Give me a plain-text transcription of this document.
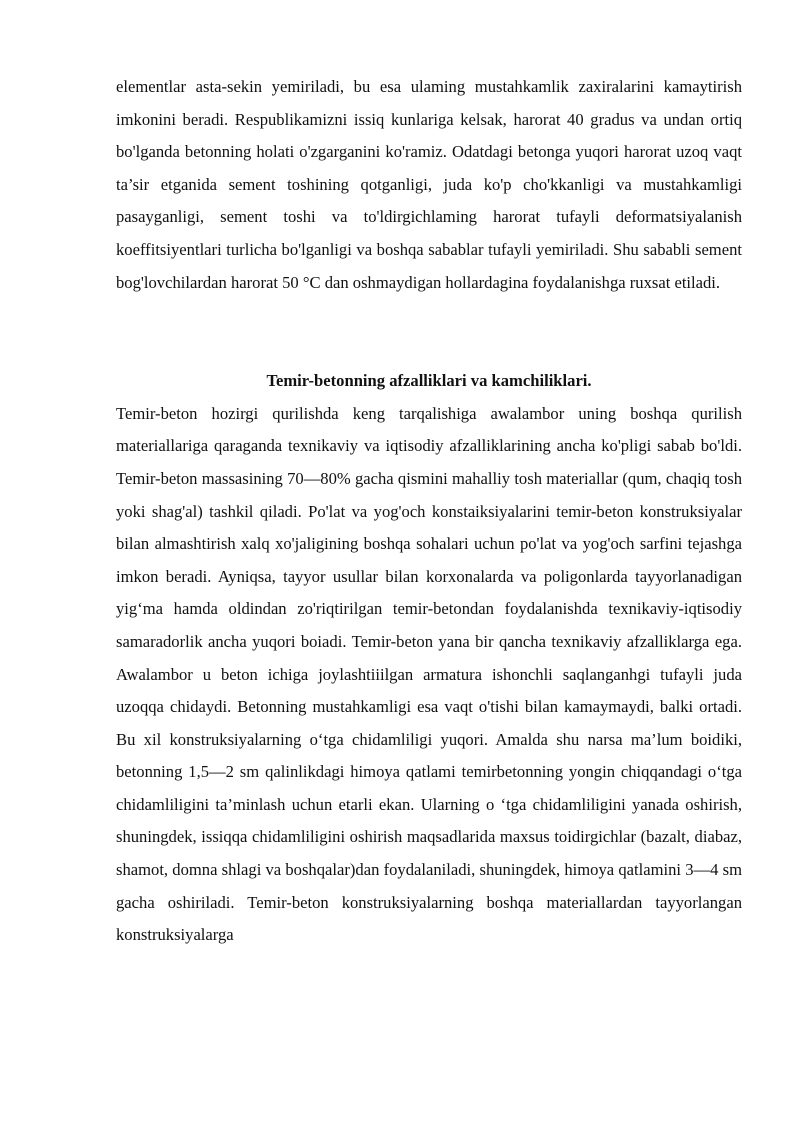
elementlar asta-sekin yemiriladi, bu esa ulaming mustahkamlik zaxiralarini kamaytirish imkonini beradi. Respublikamizni issiq kunlariga kelsak, harorat 40 gradus va undan ortiq bo'lganda betonning holati o'zgarganini ko'ramiz. Odatdagi betonga yuqori harorat uzoq vaqt ta’sir etganida sement toshining qotganligi, juda ko'p cho'kkanligi va mustahkamligi pasayganligi, sement toshi va to'ldirgichlaming harorat tufayli deformatsiyalanish koeffitsiyentlari turlicha bo'lganligi va boshqa sabablar tufayli yemiriladi. Shu sababli sement bog'lovchilardan harorat 50 °C dan oshmaydigan hollardagina foydalanishga ruxsat etiladi.

Temir-betonning afzalliklari va kamchiliklari.

Temir-beton hozirgi qurilishda keng tarqalishiga awalambor uning boshqa qurilish materiallariga qaraganda texnikaviy va iqtisodiy afzalliklarining ancha ko'pligi sabab bo'ldi. Temir-beton massasining 70—80% gacha qismini mahalliy tosh materiallar (qum, chaqiq tosh yoki shag'al) tashkil qiladi. Po'lat va yog'och konstaiksiyalarini temir-beton konstruksiyalar bilan almashtirish xalq xo'jaligining boshqa sohalari uchun po'lat va yog'och sarfini tejashga imkon beradi. Ayniqsa, tayyor usullar bilan korxonalarda va poligonlarda tayyorlanadigan yig‘ma hamda oldindan zo'riqtirilgan temir-betondan foydalanishda texnikaviy-iqtisodiy samaradorlik ancha yuqori boiadi. Temir-beton yana bir qancha texnikaviy afzalliklarga ega. Awalambor u beton ichiga joylashtiiilgan armatura ishonchli saqlanganhgi tufayli juda uzoqqa chidaydi. Betonning mustahkamligi esa vaqt o'tishi bilan kamaymaydi, balki ortadi. Bu xil konstruksiyalarning o‘tga chidamliligi yuqori. Amalda shu narsa ma’lum boidiki, betonning 1,5—2 sm qalinlikdagi himoya qatlami temirbetonning yongin chiqqandagi o‘tga chidamliligini ta’minlash uchun etarli ekan. Ularning o ‘tga chidamliligini yanada oshirish, shuningdek, issiqqa chidamliligini oshirish maqsadlarida maxsus toidirgichlar (bazalt, diabaz, shamot, domna shlagi va boshqalar)dan foydalaniladi, shuningdek, himoya qatlamini 3—4 sm gacha oshiriladi. Temir-beton konstruksiyalarning boshqa materiallardan tayyorlangan konstruksiyalarga
